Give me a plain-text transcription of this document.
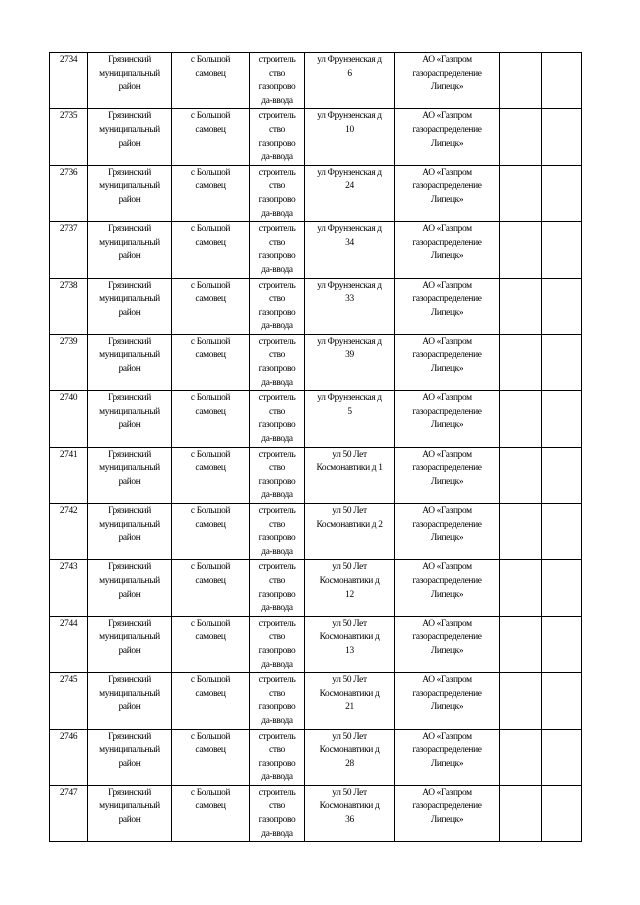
2734	Грязинский
муниципальный
район	с Большой
самовец	строитель
ство
газопрово
да-ввода	ул Фрунзенская д
6	АО «Газпром
газораспределение
Липецк»		

2735	Грязинский
муниципальный
район	с Большой
самовец	строитель
ство
газопрово
да-ввода	ул Фрунзенская д
10	АО «Газпром
газораспределение
Липецк»		

2736	Грязинский
муниципальный
район	с Большой
самовец	строитель
ство
газопрово
да-ввода	ул Фрунзенская д
24	АО «Газпром
газораспределение
Липецк»		

2737	Грязинский
муниципальный
район	с Большой
самовец	строитель
ство
газопрово
да-ввода	ул Фрунзенская д
34	АО «Газпром
газораспределение
Липецк»		

2738	Грязинский
муниципальный
район	с Большой
самовец	строитель
ство
газопрово
да-ввода	ул Фрунзенская д
33	АО «Газпром
газораспределение
Липецк»		

2739	Грязинский
муниципальный
район	с Большой
самовец	строитель
ство
газопрово
да-ввода	ул Фрунзенская д
39	АО «Газпром
газораспределение
Липецк»		

2740	Грязинский
муниципальный
район	с Большой
самовец	строитель
ство
газопрово
да-ввода	ул Фрунзенская д
5	АО «Газпром
газораспределение
Липецк»		

2741	Грязинский
муниципальный
район	с Большой
самовец	строитель
ство
газопрово
да-ввода	ул 50 Лет
Космонавтики д 1	АО «Газпром
газораспределение
Липецк»		

2742	Грязинский
муниципальный
район	с Большой
самовец	строитель
ство
газопрово
да-ввода	ул 50 Лет
Космонавтики д 2	АО «Газпром
газораспределение
Липецк»		

2743	Грязинский
муниципальный
район	с Большой
самовец	строитель
ство
газопрово
да-ввода	ул 50 Лет
Космонавтики д
12	АО «Газпром
газораспределение
Липецк»		

2744	Грязинский
муниципальный
район	с Большой
самовец	строитель
ство
газопрово
да-ввода	ул 50 Лет
Космонавтики д
13	АО «Газпром
газораспределение
Липецк»		

2745	Грязинский
муниципальный
район	с Большой
самовец	строитель
ство
газопрово
да-ввода	ул 50 Лет
Космонавтики д
21	АО «Газпром
газораспределение
Липецк»		

2746	Грязинский
муниципальный
район	с Большой
самовец	строитель
ство
газопрово
да-ввода	ул 50 Лет
Космонавтики д
28	АО «Газпром
газораспределение
Липецк»		

2747	Грязинский
муниципальный
район	с Большой
самовец	строитель
ство
газопрово
да-ввода	ул 50 Лет
Космонавтики д
36	АО «Газпром
газораспределение
Липецк»		
